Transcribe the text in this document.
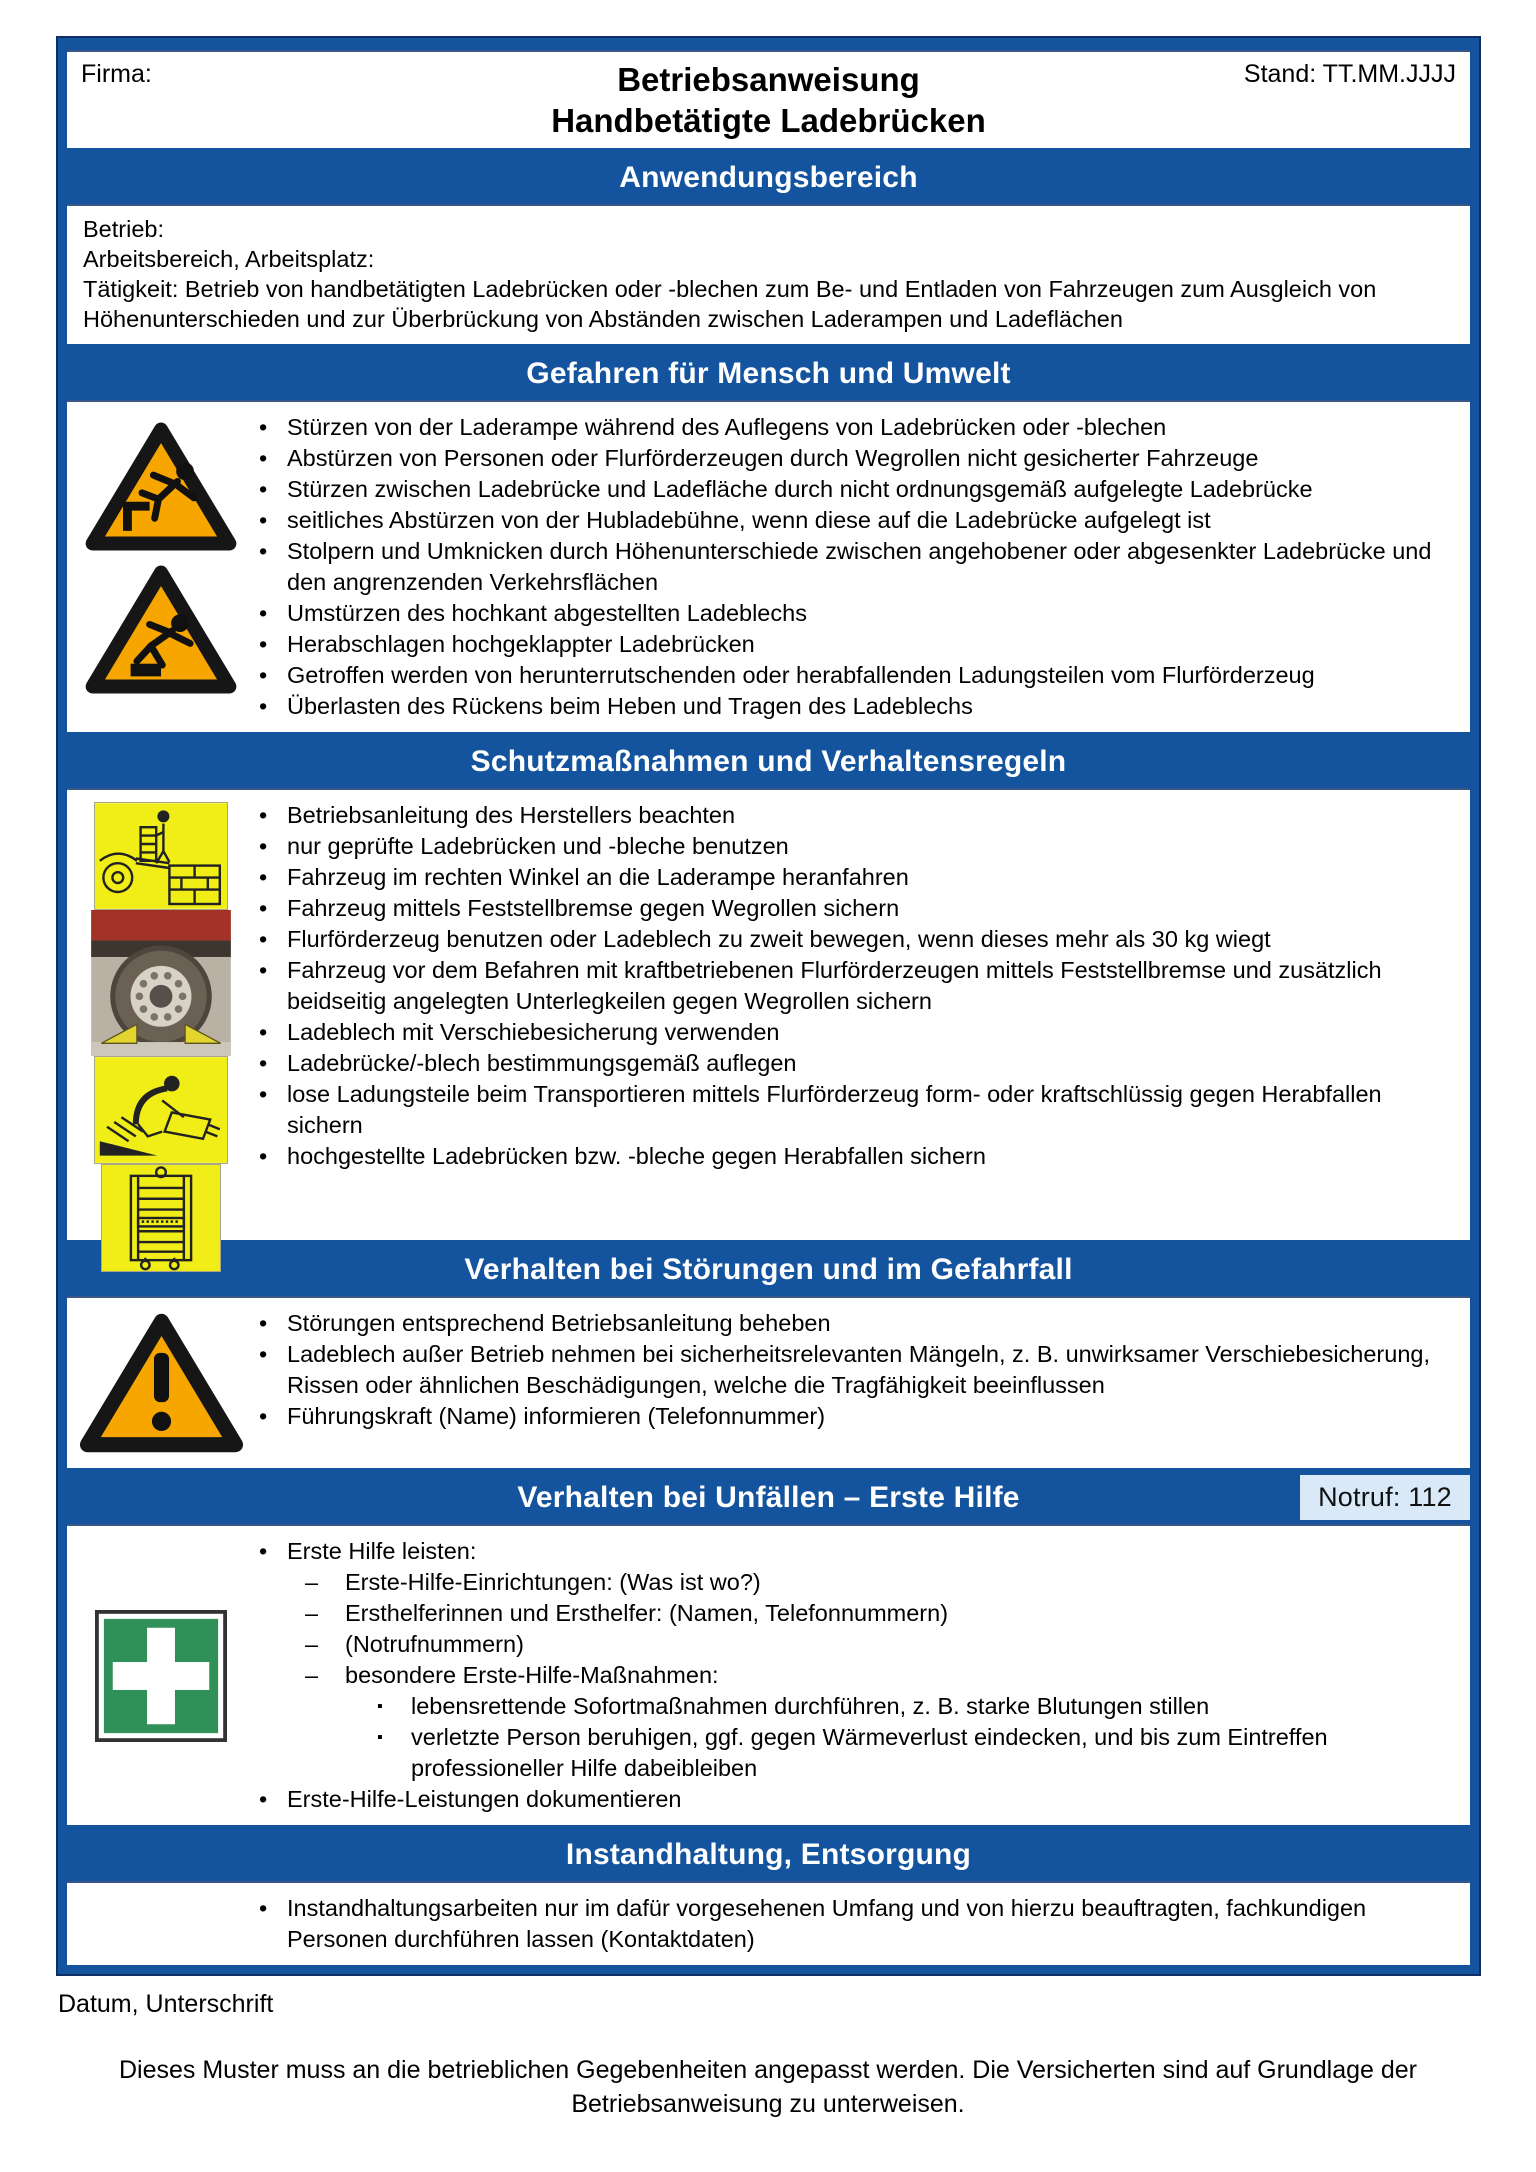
Firma:	Betriebsanweisung
Handbetätigte Ladebrücken
Stand: TT.MM.JJJJ
Anwendungsbereich
Betrieb:
Arbeitsbereich, Arbeitsplatz:
Tätigkeit: Betrieb von handbetätigten Ladebrücken oder -blechen zum Be- und Entladen von Fahrzeugen zum Ausgleich von Höhenunterschieden und zur Überbrückung von Abständen zwischen Laderampen und Ladeflächen
Gefahren für Mensch und Umwelt
• Stürzen von der Laderampe während des Auflegens von Ladebrücken oder -blechen
• Abstürzen von Personen oder Flurförderzeugen durch Wegrollen nicht gesicherter Fahrzeuge
• Stürzen zwischen Ladebrücke und Ladefläche durch nicht ordnungsgemäß aufgelegte Ladebrücke
• seitliches Abstürzen von der Hubladebühne, wenn diese auf die Ladebrücke aufgelegt ist
• Stolpern und Umknicken durch Höhenunterschiede zwischen angehobener oder abgesenkter Ladebrücke und den angrenzenden Verkehrsflächen
• Umstürzen des hochkant abgestellten Ladeblechs
• Herabschlagen hochgeklappter Ladebrücken
• Getroffen werden von herunterrutschenden oder herabfallenden Ladungsteilen vom Flurförderzeug
• Überlasten des Rückens beim Heben und Tragen des Ladeblechs
Schutzmaßnahmen und Verhaltensregeln
• Betriebsanleitung des Herstellers beachten
• nur geprüfte Ladebrücken und -bleche benutzen
• Fahrzeug im rechten Winkel an die Laderampe heranfahren
• Fahrzeug mittels Feststellbremse gegen Wegrollen sichern
• Flurförderzeug benutzen oder Ladeblech zu zweit bewegen, wenn dieses mehr als 30 kg wiegt
• Fahrzeug vor dem Befahren mit kraftbetriebenen Flurförderzeugen mittels Feststellbremse und zusätzlich beidseitig angelegten Unterlegkeilen gegen Wegrollen sichern
• Ladeblech mit Verschiebesicherung verwenden
• Ladebrücke/-blech bestimmungsgemäß auflegen
• lose Ladungsteile beim Transportieren mittels Flurförderzeug form- oder kraftschlüssig gegen Herabfallen sichern
• hochgestellte Ladebrücken bzw. -bleche gegen Herabfallen sichern
Verhalten bei Störungen und im Gefahrfall
• Störungen entsprechend Betriebsanleitung beheben
• Ladeblech außer Betrieb nehmen bei sicherheitsrelevanten Mängeln, z. B. unwirksamer Verschiebesicherung, Rissen oder ähnlichen Beschädigungen, welche die Tragfähigkeit beeinflussen
• Führungskraft (Name) informieren (Telefonnummer)
Verhalten bei Unfällen – Erste Hilfe	Notruf: 112
• Erste Hilfe leisten:
–	Erste-Hilfe-Einrichtungen: (Was ist wo?)
–	Ersthelferinnen und Ersthelfer: (Namen, Telefonnummern)
–	(Notrufnummern)
–	besondere Erste-Hilfe-Maßnahmen:
▪	lebensrettende Sofortmaßnahmen durchführen, z. B. starke Blutungen stillen
▪	verletzte Person beruhigen, ggf. gegen Wärmeverlust eindecken, und bis zum Eintreffen professioneller Hilfe dabeibleiben
• Erste-Hilfe-Leistungen dokumentieren
Instandhaltung, Entsorgung
• Instandhaltungsarbeiten nur im dafür vorgesehenen Umfang und von hierzu beauftragten, fachkundigen Personen durchführen lassen (Kontaktdaten)
Datum, Unterschrift
Dieses Muster muss an die betrieblichen Gegebenheiten angepasst werden. Die Versicherten sind auf Grundlage der Betriebsanweisung zu unterweisen.
